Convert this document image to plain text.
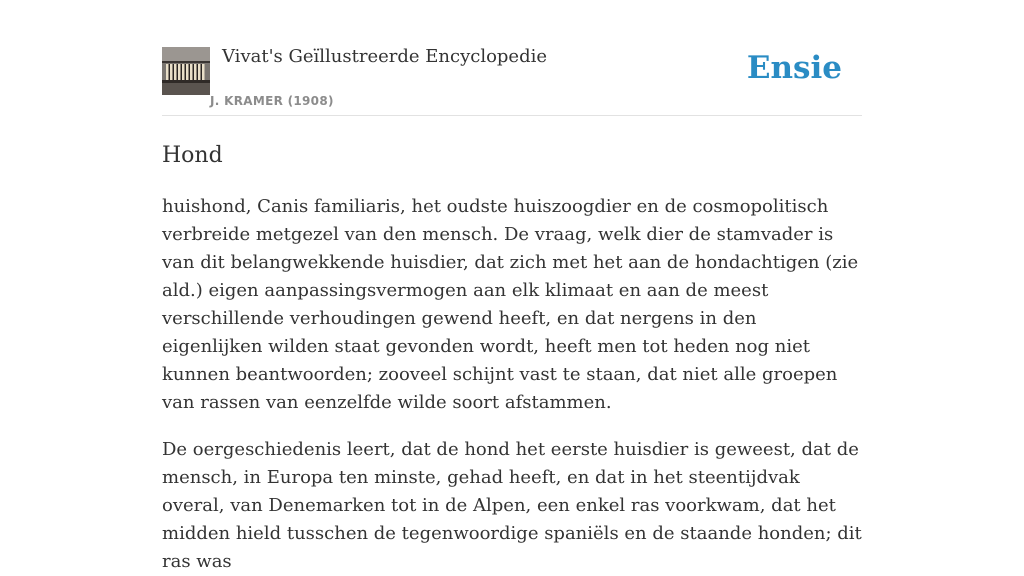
Vivat's Geïllustreerde Encyclopedie
J. KRAMER (1908)
Ensie
Hond

huishond, Canis familiaris, het oudste huiszoogdier en de cosmopolitisch verbreide metgezel van den mensch. De vraag, welk dier de stamvader is van dit belangwekkende huisdier, dat zich met het aan de hondachtigen (zie ald.) eigen aanpassingsvermogen aan elk klimaat en aan de meest verschillende verhoudingen gewend heeft, en dat nergens in den eigenlijken wilden staat gevonden wordt, heeft men tot heden nog niet kunnen beantwoorden; zooveel schijnt vast te staan, dat niet alle groepen van rassen van eenzelfde wilde soort afstammen.

De oergeschiedenis leert, dat de hond het eerste huisdier is geweest, dat de mensch, in Europa ten minste, gehad heeft, en dat in het steentijdvak overal, van Denemarken tot in de Alpen, een enkel ras voorkwam, dat het midden hield tusschen de tegenwoordige spaniëls en de staande honden; dit ras was
